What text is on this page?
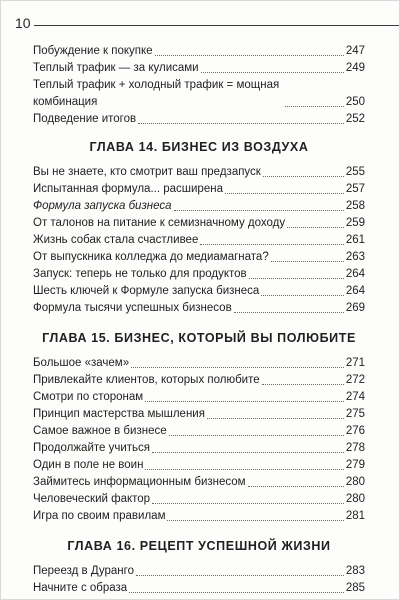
10
Побуждение к покупке	247
Теплый трафик — за кулисами	249
Теплый трафик + холодный трафик = мощная комбинация	250
Подведение итогов	252
ГЛАВА 14. БИЗНЕС ИЗ ВОЗДУХА
Вы не знаете, кто смотрит ваш предзапуск	255
Испытанная формула... расширена	257
Формула запуска бизнеса	258
От талонов на питание к семизначному доходу	259
Жизнь собак стала счастливее	261
От выпускника колледжа до медиамагната?	263
Запуск: теперь не только для продуктов	264
Шесть ключей к Формуле запуска бизнеса	264
Формула тысячи успешных бизнесов	269
ГЛАВА 15. БИЗНЕС, КОТОРЫЙ ВЫ ПОЛЮБИТЕ
Большое «зачем»	271
Привлекайте клиентов, которых полюбите	272
Смотри по сторонам	274
Принцип мастерства мышления	275
Самое важное в бизнесе	276
Продолжайте учиться	278
Один в поле не воин	279
Займитесь информационным бизнесом	280
Человеческий фактор	280
Игра по своим правилам	281
ГЛАВА 16. РЕЦЕПТ УСПЕШНОЙ ЖИЗНИ
Переезд в Дуранго	283
Начните с образа	285
